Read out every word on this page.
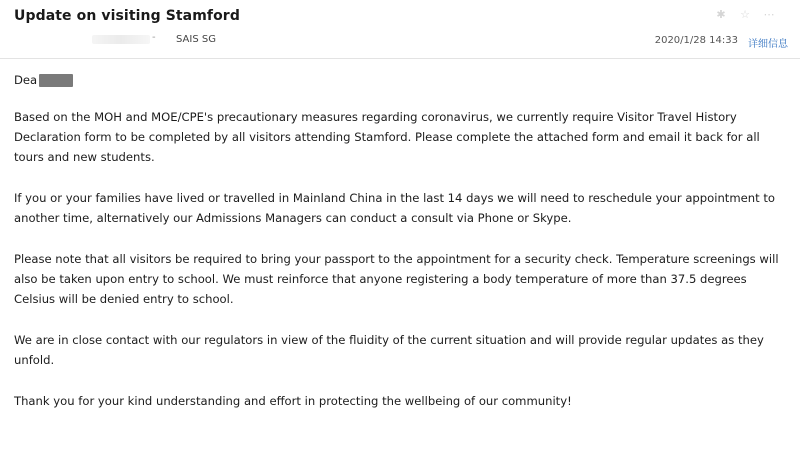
Update on visiting Stamford	✱ ☆ ⋯
- SAIS SG	2020/1/28 14:33 详细信息
Dea

Based on the MOH and MOE/CPE's precautionary measures regarding coronavirus, we currently require Visitor Travel History Declaration form to be completed by all visitors attending Stamford. Please complete the attached form and email it back for all tours and new students.

If you or your families have lived or travelled in Mainland China in the last 14 days we will need to reschedule your appointment to another time, alternatively our Admissions Managers can conduct a consult via Phone or Skype.

Please note that all visitors be required to bring your passport to the appointment for a security check. Temperature screenings will also be taken upon entry to school. We must reinforce that anyone registering a body temperature of more than 37.5 degrees Celsius will be denied entry to school.

We are in close contact with our regulators in view of the fluidity of the current situation and will provide regular updates as they unfold.

Thank you for your kind understanding and effort in protecting the wellbeing of our community!
